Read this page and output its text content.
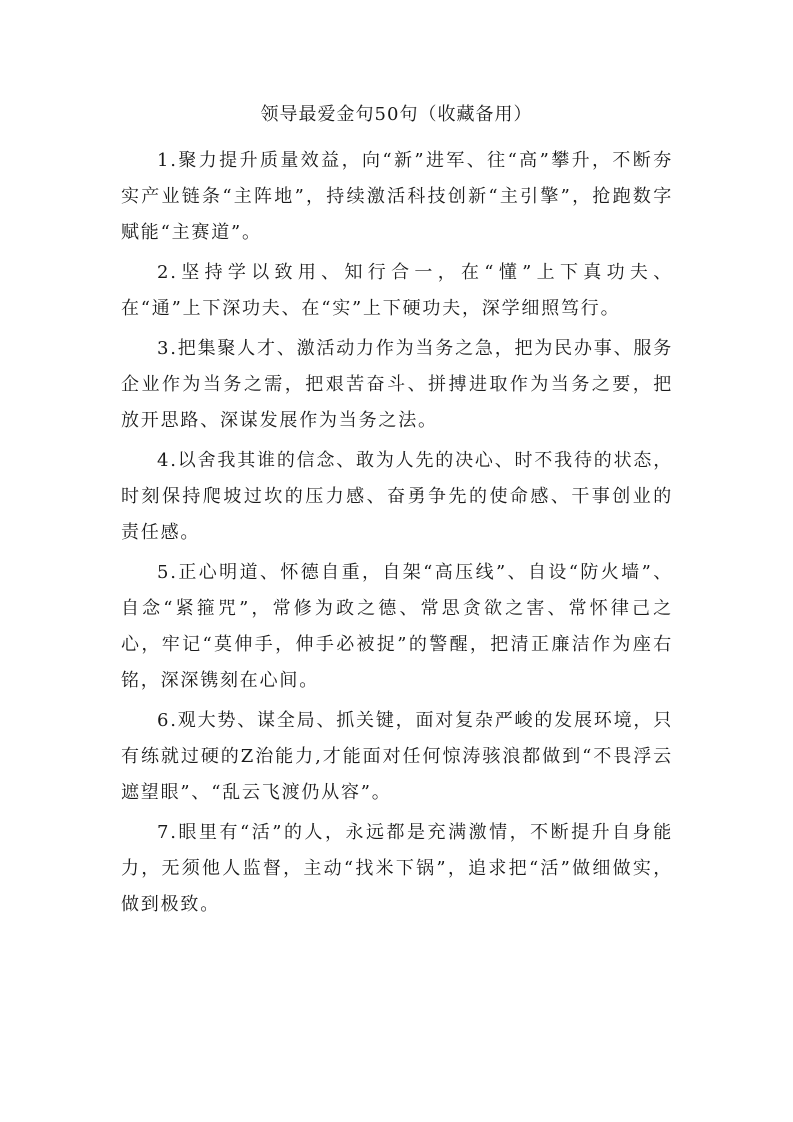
领导最爱金句50句（收藏备用）

1.聚力提升质量效益，向“新”进军、往“高”攀升，不断夯实产业链条“主阵地”，持续激活科技创新“主引擎”，抢跑数字赋能“主赛道”。

2.坚持学以致用、知行合一，在“懂”上下真功夫、在“通”上下深功夫、在“实”上下硬功夫，深学细照笃行。

3.把集聚人才、激活动力作为当务之急，把为民办事、服务企业作为当务之需，把艰苦奋斗、拼搏进取作为当务之要，把放开思路、深谋发展作为当务之法。

4.以舍我其谁的信念、敢为人先的决心、时不我待的状态，时刻保持爬坡过坎的压力感、奋勇争先的使命感、干事创业的责任感。

5.正心明道、怀德自重，自架“高压线”、自设“防火墙”、自念“紧箍咒”，常修为政之德、常思贪欲之害、常怀律己之心，牢记“莫伸手，伸手必被捉”的警醒，把清正廉洁作为座右铭，深深镌刻在心间。

6.观大势、谋全局、抓关键，面对复杂严峻的发展环境，只有练就过硬的Z治能力,才能面对任何惊涛骇浪都做到“不畏浮云遮望眼”、“乱云飞渡仍从容”。

7.眼里有“活”的人，永远都是充满激情，不断提升自身能力，无须他人监督，主动“找米下锅”，追求把“活”做细做实，做到极致。
